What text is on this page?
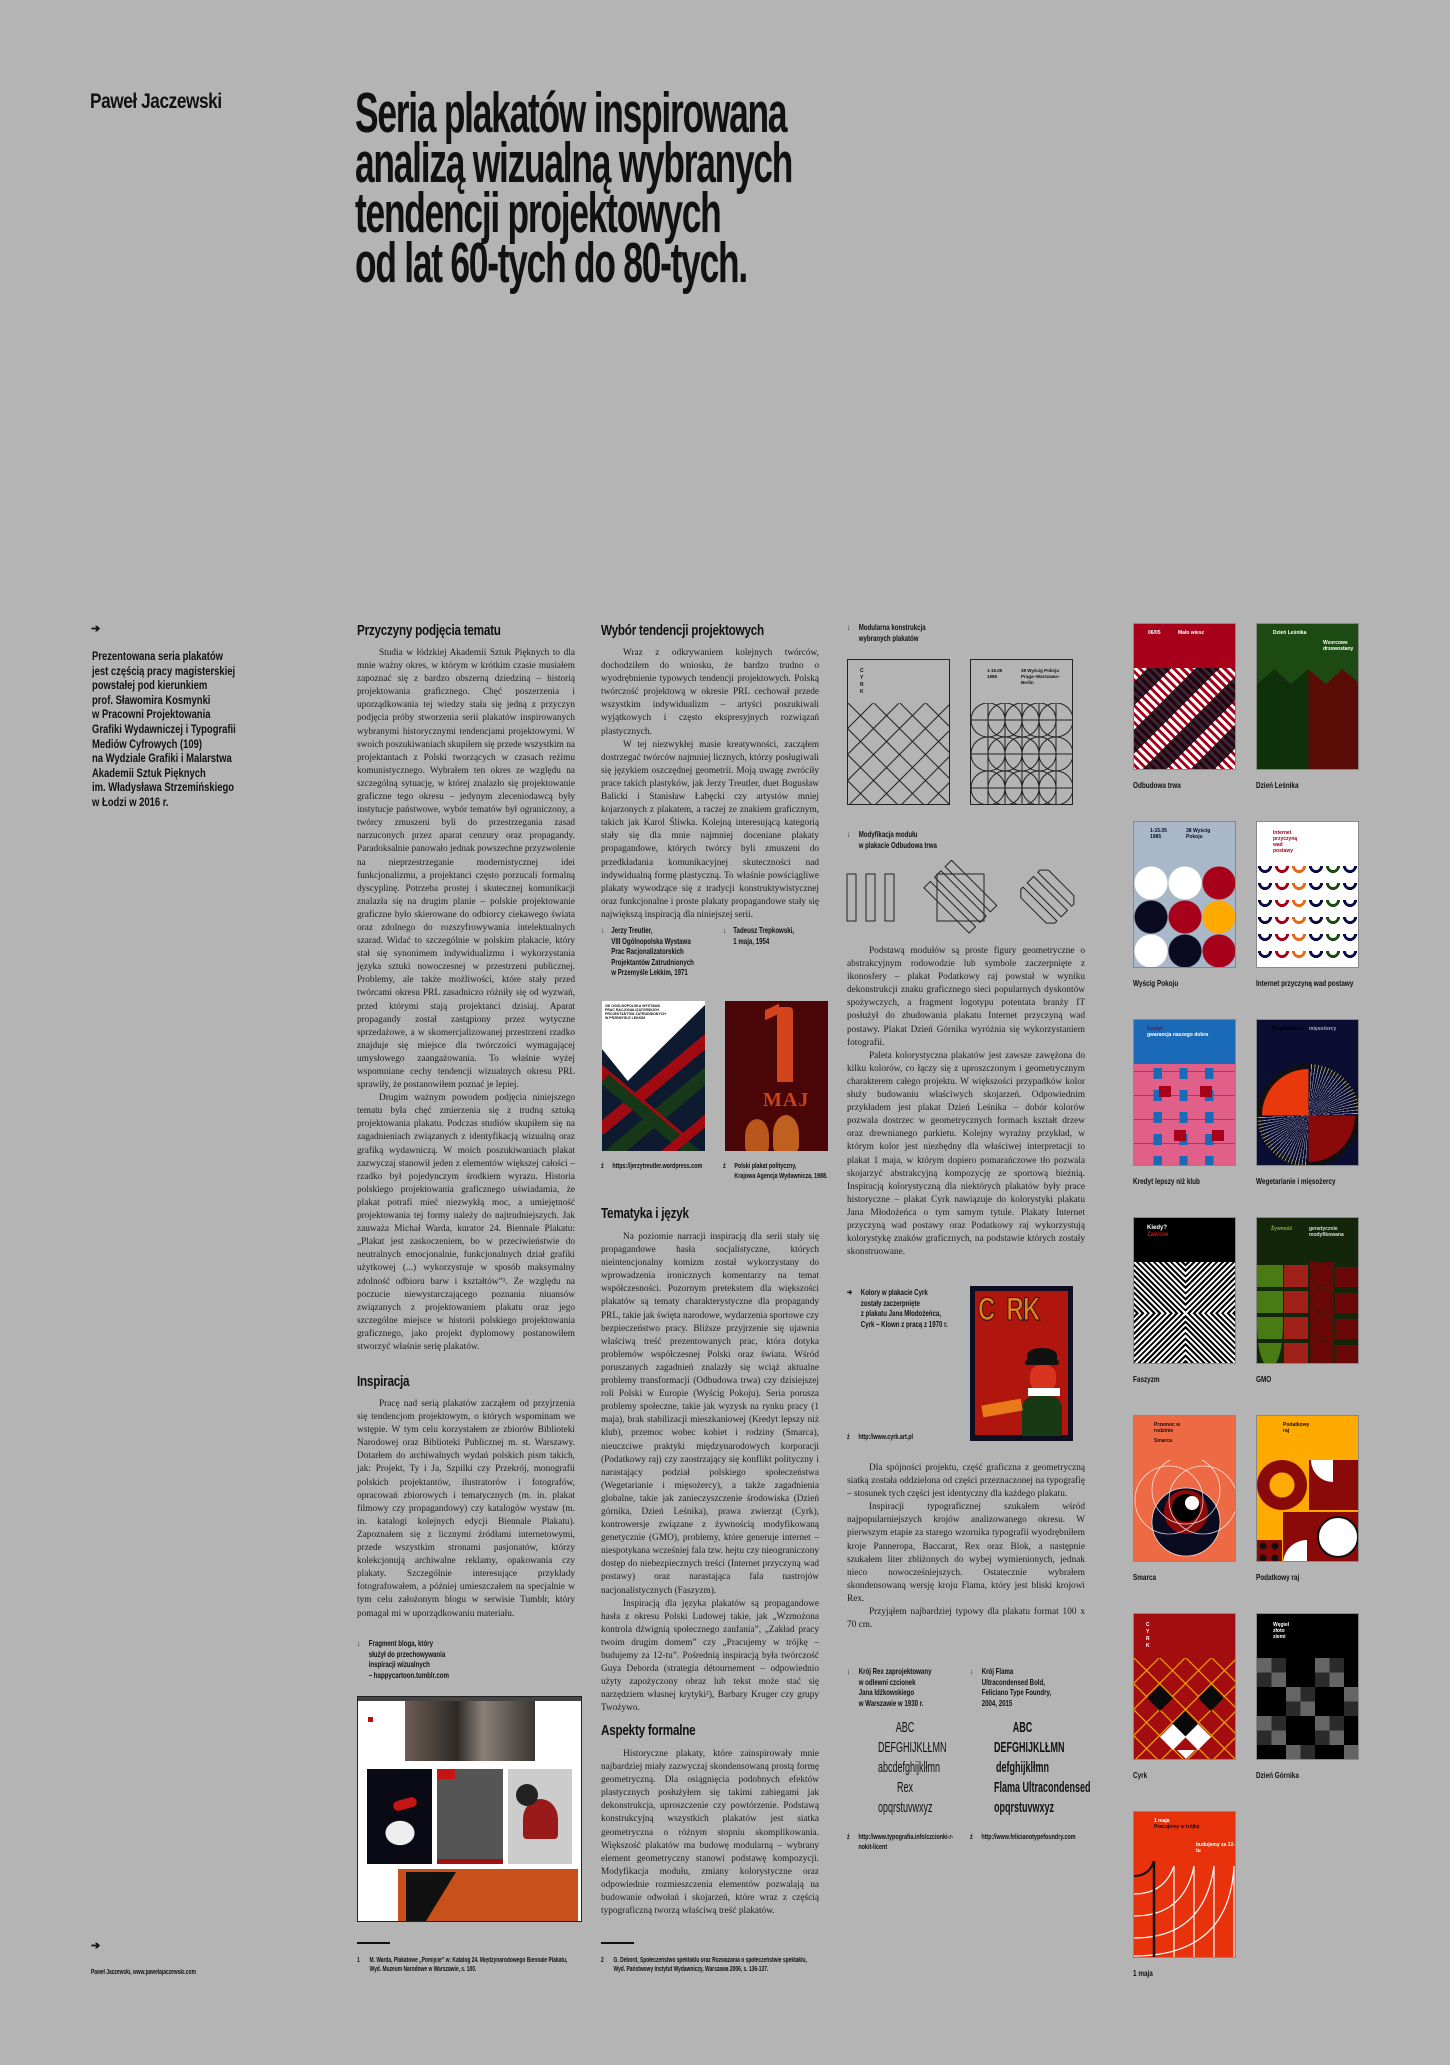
Paweł Jaczewski Seria plakatów inspirowana
analizą wizualną wybranych
tendencji projektowych
od lat 60-tych do 80-tych.
➔
Prezentowana seria plakatów
jest częścią pracy magisterskiej
powstałej pod kierunkiem
prof. Sławomira Kosmynki
w Pracowni Projektowania
Grafiki Wydawniczej i Typografii
Mediów Cyfrowych (109)
na Wydziale Grafiki i Malarstwa
Akademii Sztuk Pięknych
im. Władysława Strzemińskiego
w Łodzi w 2016 r.
Przyczyny podjęcia tematu

Studia w łódzkiej Akademii Sztuk Pięknych to dla mnie ważny okres, w którym w krótkim czasie musiałem zapoznać się z bardzo obszerną dziedziną – historią projektowania graficznego. Chęć poszerzenia i uporządkowania tej wiedzy stała się jedną z przyczyn podjęcia próby stworzenia serii plakatów inspirowanych wybranymi historycznymi tendencjami projektowymi. W swoich poszukiwaniach skupiłem się przede wszystkim na projektantach z Polski tworzących w czasach reżimu komunistycznego. Wybrałem ten okres ze względu na szczególną sytuację, w której znalazło się projektowanie graficzne tego okresu – jedynym zleceniodawcą były instytucje państwowe, wybór tematów był ograniczony, a twórcy zmuszeni byli do przestrzegania zasad narzuconych przez aparat cenzury oraz propagandy. Paradoksalnie panowało jednak powszechne przyzwolenie na nieprzestrzeganie modernistycznej idei funkcjonalizmu, a projektanci często porzucali formalną dyscyplinę. Potrzeba prostej i skutecznej komunikacji znalazła się na drugim planie – polskie projektowanie graficzne było skierowane do odbiorcy ciekawego świata oraz zdolnego do rozszyfrowywania intelektualnych szarad. Widać to szczególnie w polskim plakacie, który stał się synonimem indywidualizmu i wykorzystania języka sztuki nowoczesnej w przestrzeni publicznej. Problemy, ale także możliwości, które stały przed twórcami okresu PRL zasadniczo różniły się od wyzwań, przed którymi stają projektanci dzisiaj. Aparat propagandy został zastąpiony przez wytyczne sprzedażowe, a w skomercjalizowanej przestrzeni rzadko znajduje się miejsce dla twórczości wymagającej umysłowego zaangażowania. To właśnie wyżej wspomniane cechy tendencji wizualnych okresu PRL sprawiły, że postanowiłem poznać je lepiej.

Drugim ważnym powodem podjęcia niniejszego tematu była chęć zmierzenia się z trudną sztuką projektowania plakatu. Podczas studiów skupiłem się na zagadnieniach związanych z identyfikacją wizualną oraz grafiką wydawniczą. W moich poszukiwaniach plakat zazwyczaj stanowił jeden z elementów większej całości – rzadko był pojedynczym środkiem wyrazu. Historia polskiego projektowania graficznego uświadamia, że plakat potrafi mieć niezwykłą moc, a umiejętność projektowania tej formy należy do najtrudniejszych. Jak zauważa Michał Warda, kurator 24. Biennale Plakatu: „Plakat jest zaskoczeniem, bo w przeciwieństwie do neutralnych emocjonalnie, funkcjonalnych dział grafiki użytkowej (...) wykorzystuje w sposób maksymalny zdolność odbioru barw i kształtów”¹. Ze względu na poczucie niewystarczającego poznania niuansów związanych z projektowaniem plakatu oraz jego szczególne miejsce w historii polskiego projektowania graficznego, jako projekt dyplomowy postanowiłem stworzyć właśnie serię plakatów.

Inspiracja

Pracę nad serią plakatów zacząłem od przyjrzenia się tendencjom projektowym, o których wspominam we wstępie. W tym celu korzystałem ze zbiorów Biblioteki Narodowej oraz Biblioteki Publicznej m. st. Warszawy. Dotarłem do archiwalnych wydań polskich pism takich, jak: Projekt, Ty i Ja, Szpilki czy Przekrój, monografii polskich projektantów, ilustratorów i fotografów, opracowań zbiorowych i tematycznych (m. in. plakat filmowy czy propagandowy) czy katalogów wystaw (m. in. katalogi kolejnych edycji Biennale Plakatu). Zapoznałem się z licznymi źródłami internetowymi, przede wszystkim stronami pasjonatów, którzy kolekcjonują archiwalne reklamy, opakowania czy plakaty. Szczególnie interesujące przykłady fotografowałem, a później umieszczałem na specjalnie w tym celu założonym blogu w serwisie Tumblr, który pomagał mi w uporządkowaniu materiału.

↓ Fragment bloga, który
służył do przechowywania
inspiracji wizualnych
– happycartoon.tumblr.com
Wybór tendencji projektowych

Wraz z odkrywaniem kolejnych twórców, dochodziłem do wniosku, że bardzo trudno o wyodrębnienie typowych tendencji projektowych. Polską twórczość projektową w okresie PRL cechował przede wszystkim indywidualizm – artyści poszukiwali wyjątkowych i często ekspresyjnych rozwiązań plastycznych.

W tej niezwykłej masie kreatywności, zacząłem dostrzegać twórców najmniej licznych, którzy posługiwali się językiem oszczędnej geometrii. Moją uwagę zwróciły prace takich plastyków, jak Jerzy Treutler, duet Bogusław Balicki i Stanisław Łabęcki czy artystów mniej kojarzonych z plakatem, a raczej ze znakiem graficznym, takich jak Karol Śliwka. Kolejną interesującą kategorią stały się dla mnie najmniej doceniane plakaty propagandowe, których twórcy byli zmuszeni do przedkładania komunikacyjnej skuteczności nad indywidualną formę plastyczną. To właśnie powściągliwe plakaty wywodzące się z tradycji konstruktywistycznej oraz funkcjonalne i proste plakaty propagandowe stały się największą inspiracją dla niniejszej serii.

↓ Jerzy Treutler,
VIII Ogólnopolska Wystawa
Prac Racjonalizatorskich
Projektantów Zatrudnionych
w Przemyśle Lekkim, 1971
↓ Tadeusz Trepkowski,
1 maja, 1954
VIII OGÓLNOPOLSKA WYSTAWA
PRAC RACJONALIZATORSKICH
PROJEKTANTÓW ZATRUDNIONYCH
W PRZEMYŚLE LEKKIM
MAJ
ź https://jerzytreutler.wordpress.com	ź Polski plakat polityczny,
Krajowa Agencja Wydawnicza, 1988.
Tematyka i język

Na poziomie narracji inspiracją dla serii stały się propagandowe hasła socjalistyczne, których nieintencjonalny komizm został wykorzystany do wprowadzenia ironicznych komentarzy na temat współczesności. Pozornym pretekstem dla większości plakatów są tematy charakterystyczne dla propagandy PRL, takie jak święta narodowe, wydarzenia sportowe czy bezpieczeństwo pracy. Bliższe przyjrzenie się ujawnia właściwą treść prezentowanych prac, która dotyka problemów współczesnej Polski oraz świata. Wśród poruszanych zagadnień znalazły się wciąż aktualne problemy transformacji (Odbudowa trwa) czy dzisiejszej roli Polski w Europie (Wyścig Pokoju). Seria porusza problemy społeczne, takie jak wyzysk na rynku pracy (1 maja), brak stabilizacji mieszkaniowej (Kredyt lepszy niż klub), przemoc wobec kobiet i rodziny (Smarca), nieuczciwe praktyki międzynarodowych korporacji (Podatkowy raj) czy zaostrzający się konflikt polityczny i narastający podział polskiego społeczeństwa (Wegetarianie i mięsożercy), a także zagadnienia globalne, takie jak zanieczyszczenie środowiska (Dzień górnika, Dzień Leśnika), prawa zwierząt (Cyrk), kontrowersje związane z żywnością modyfikowaną genetycznie (GMO), problemy, które generuje internet – niespotykana wcześniej fala tzw. hejtu czy nieograniczony dostęp do niebezpiecznych treści (Internet przyczyną wad postawy) oraz narastająca fala nastrojów nacjonalistycznych (Faszyzm).

Inspiracją dla języka plakatów są propagandowe hasła z okresu Polski Ludowej takie, jak „Wzmożona kontrola dźwignią społecznego zaufania”, „Zakład pracy twoim drugim domem” czy „Pracujemy w trójkę – budujemy za 12-tu”. Pośrednią inspiracją była twórczość Guya Deborda (strategia détournement – odpowiednio użyty zapożyczony obraz lub tekst może stać się narzędziem własnej krytyki²), Barbary Kruger czy grupy Twożywo.

Aspekty formalne

Historyczne plakaty, które zainspirowały mnie najbardziej miały zazwyczaj skondensowaną prostą formę geometryczną. Dla osiągnięcia podobnych efektów plastycznych posłużyłem się takimi zabiegami jak dekonstrukcja, uproszczenie czy powtórzenie. Podstawą konstrukcyjną wszystkich plakatów jest siatka geometryczna o różnym stopniu skomplikowania. Większość plakatów ma budowę modularną – wybrany element geometryczny stanowi podstawę kompozycji. Modyfikacja modułu, zmiany kolorystyczne oraz odpowiednie rozmieszczenia elementów pozwalają na budowanie odwołań i skojarzeń, które wraz z częścią typograficzną tworzą właściwą treść plakatów.

↓ Modularna konstrukcja
wybranych plakatów
C
Y
R
K
1-15.05
1985
38 Wyścig Pokoju
Praga–Warszawa–Berlin
↓ Modyfikacja modułu
w plakacie Odbudowa trwa

Podstawą modułów są proste figury geometryczne o abstrakcyjnym rodowodzie lub symbole zaczerpnięte z ikonosfery – plakat Podatkowy raj powstał w wyniku dekonstrukcji znaku graficznego sieci popularnych dyskontów spożywczych, a fragment logotypu potentata branży IT posłużył do zbudowania plakatu Internet przyczyną wad postawy. Plakat Dzień Górnika wyróżnia się wykorzystaniem fotografii.

Paleta kolorystyczna plakatów jest zawsze zawężona do kilku kolorów, co łączy się z uproszczonym i geometrycznym charakterem całego projektu. W większości przypadków kolor służy budowaniu właściwych skojarzeń. Odpowiednim przykładem jest plakat Dzień Leśnika – dobór kolorów pozwala dostrzec w geometrycznych formach kształt drzew oraz drewnianego parkietu. Kolejny wyraźny przykład, w którym kolor jest niezbędny dla właściwej interpretacji to plakat 1 maja, w którym dopiero pomarańczowe tło pozwala skojarzyć abstrakcyjną kompozycję ze sportową bieżnią. Inspiracją kolorystyczną dla niektórych plakatów były prace historyczne – plakat Cyrk nawiązuje do kolorystyki plakatu Jana Młodożeńca o tym samym tytule. Plakaty Internet przyczyną wad postawy oraz Podatkowy raj wykorzystują kolorystykę znaków graficznych, na podstawie których zostały skonstruowane.

➔ Kolory w plakacie Cyrk
zostały zaczerpnięte
z plakatu Jana Młodożeńca,
Cyrk – Klown z pracą z 1970 r. C  RK
ź http://www.cyrk.art.pl

Dla spójności projektu, część graficzna z geometryczną siatką została oddzielona od części przeznaczonej na typografię – stosunek tych części jest identyczny dla każdego plakatu.

Inspiracji typograficznej szukałem wśród najpopularniejszych krojów analizowanego okresu. W pierwszym etapie za starego wzornika typografii wyodrębniłem kroje Panneropa, Baccarat, Rex oraz Blok, a następnie szukałem liter zbliżonych do wybej wymienionych, jednak nieco nowocześniejszych. Ostatecznie wybrałem skondensowaną wersję kroju Flama, który jest bliski krojowi Rex.

Przyjąłem najbardziej typowy dla plakatu format 100 x 70 cm.

↓ Krój Rex zaprojektowany
w odlewni czcionek
Jana Idźkowskiego
w Warszawie w 1930 r.
↓ Krój Flama
Ultracondensed Bold,
Feliciano Type Foundry,
2004, 2015
ABC
DEFGHIJKLŁMN
abcdefghijklłmn
Rex
opqrstuvwxyz
ABC
DEFGHIJKLŁMN
defghijklłmn
Flama Ultracondensed
opqrstuvwxyz
ź http://www.typografia.info/czcionki-r-
nokit-licent
ź http://www.felicianotypefoundry.com
06/05	Mało wiesz
Odbudowa trwa
Dzień Leśnika
Wzorcowe drzewostany
Dzień Leśnika
1-15.05 1985
38 Wyścig Pokoju
Wyścig Pokoju
Internet przyczyną wad postawy
Internet przyczyną wad postawy
Kredyt
gwarancja naszego dobra
Kredyt lepszy niż klub
Wegetarianie mięsożercy
Wegetarianie i mięsożercy
Kiedy?
Zawsze
Faszyzm
Żywność	genetycznie modyfikowana
GMO
Przemoc w rodzinie
Smarca
Smarca
Podatkowy raj
Podatkowy raj
C
Y
R
K
Cyrk
Węgiel
złoto
ziemi
Dzień Górnika
1 maja
Pracujemy w trójkę
budujemy za 12-tu
1 maja
➔
Paweł Jaczewski, www.pawelajaczewski.com
1 M. Warda, Plakatowe „Pomijcie” w: Katalog 24. Międzynarodowego Biennale Plakatu,
Wyd. Muzeum Narodowe w Warszawie, s. 100.
2 G. Debord, Społeczeństwo spektaklu oraz Rozważania o społeczeństwie spektaklu,
Wyd. Państwowy Instytut Wydawniczy, Warszawa 2006, s. 136-137.
